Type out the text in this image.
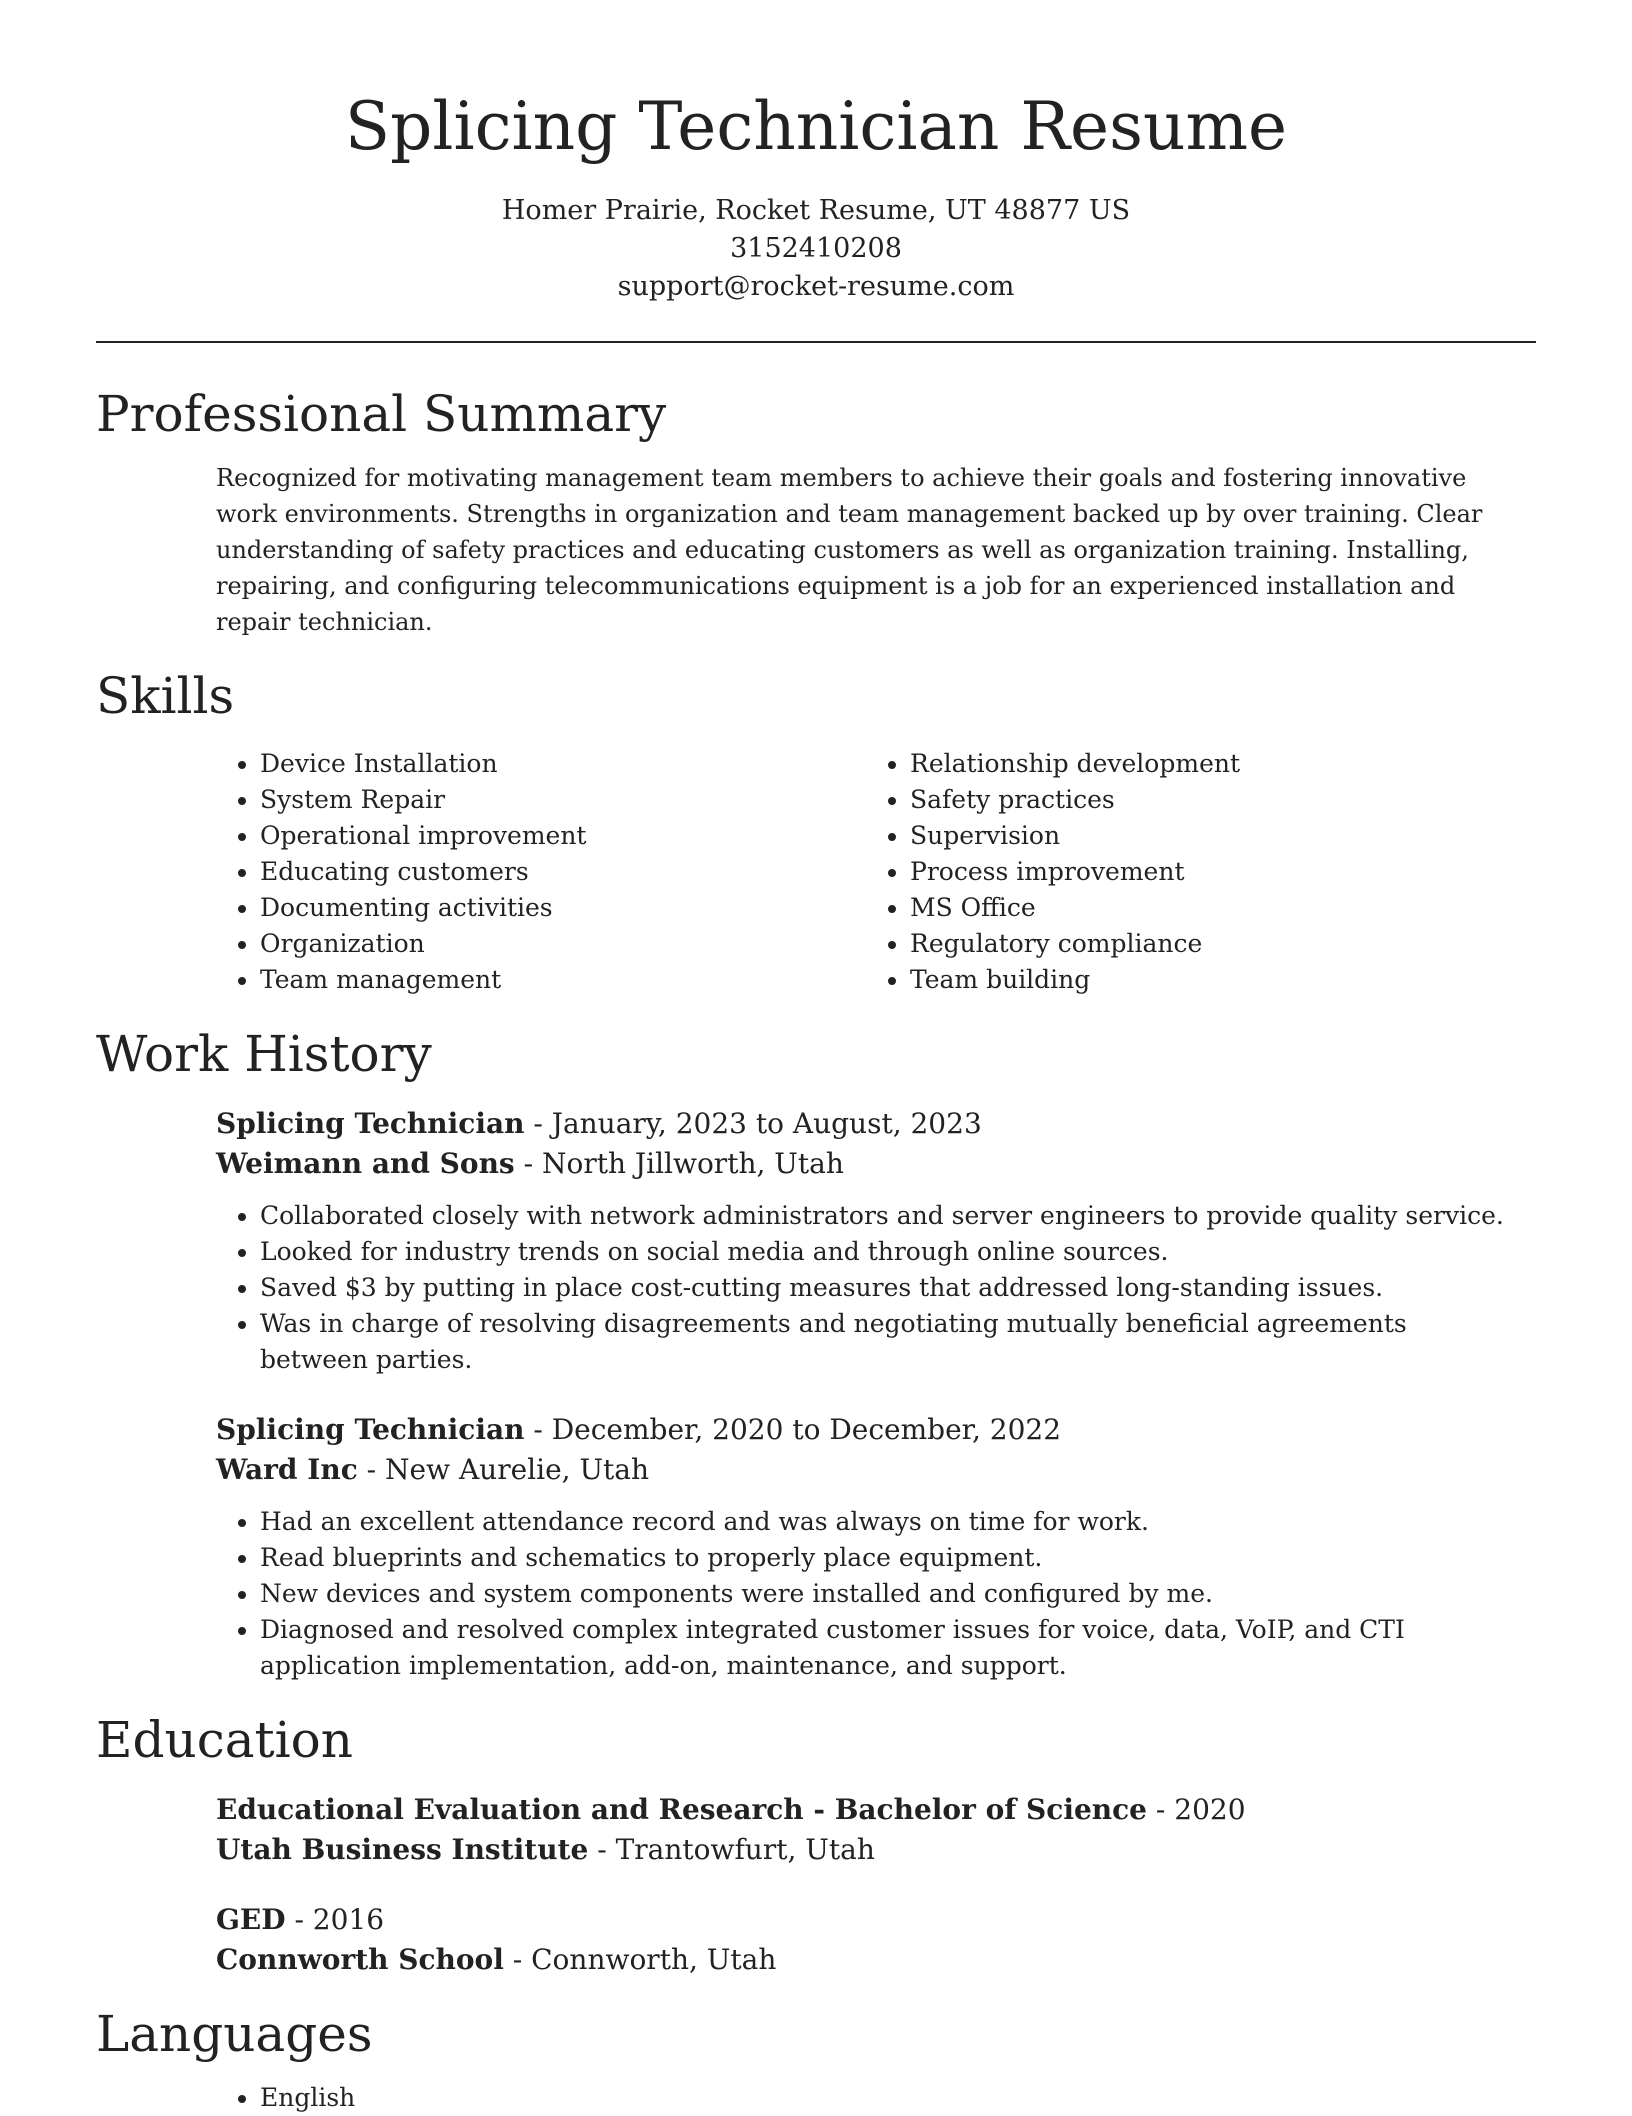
Splicing Technician Resume
Homer Prairie, Rocket Resume, UT 48877 US
3152410208
support@rocket-resume.com
Professional Summary

Recognized for motivating management team members to achieve their goals and fostering innovative work environments. Strengths in organization and team management backed up by over training. Clear understanding of safety practices and educating customers as well as organization training. Installing, repairing, and configuring telecommunications equipment is a job for an experienced installation and repair technician.

Skills
• Device Installation
• System Repair
• Operational improvement
• Educating customers
• Documenting activities
• Organization
• Team management
• Relationship development
• Safety practices
• Supervision
• Process improvement
• MS Office
• Regulatory compliance
• Team building
Work History
Splicing Technician - January, 2023 to August, 2023
Weimann and Sons - North Jillworth, Utah
• Collaborated closely with network administrators and server engineers to provide quality service.
• Looked for industry trends on social media and through online sources.
• Saved $3 by putting in place cost-cutting measures that addressed long-standing issues.
• Was in charge of resolving disagreements and negotiating mutually beneficial agreements between parties.
Splicing Technician - December, 2020 to December, 2022
Ward Inc - New Aurelie, Utah
• Had an excellent attendance record and was always on time for work.
• Read blueprints and schematics to properly place equipment.
• New devices and system components were installed and configured by me.
• Diagnosed and resolved complex integrated customer issues for voice, data, VoIP, and CTI application implementation, add-on, maintenance, and support.
Education
Educational Evaluation and Research - Bachelor of Science - 2020
Utah Business Institute - Trantowfurt, Utah
GED - 2016
Connworth School - Connworth, Utah
Languages
• English
